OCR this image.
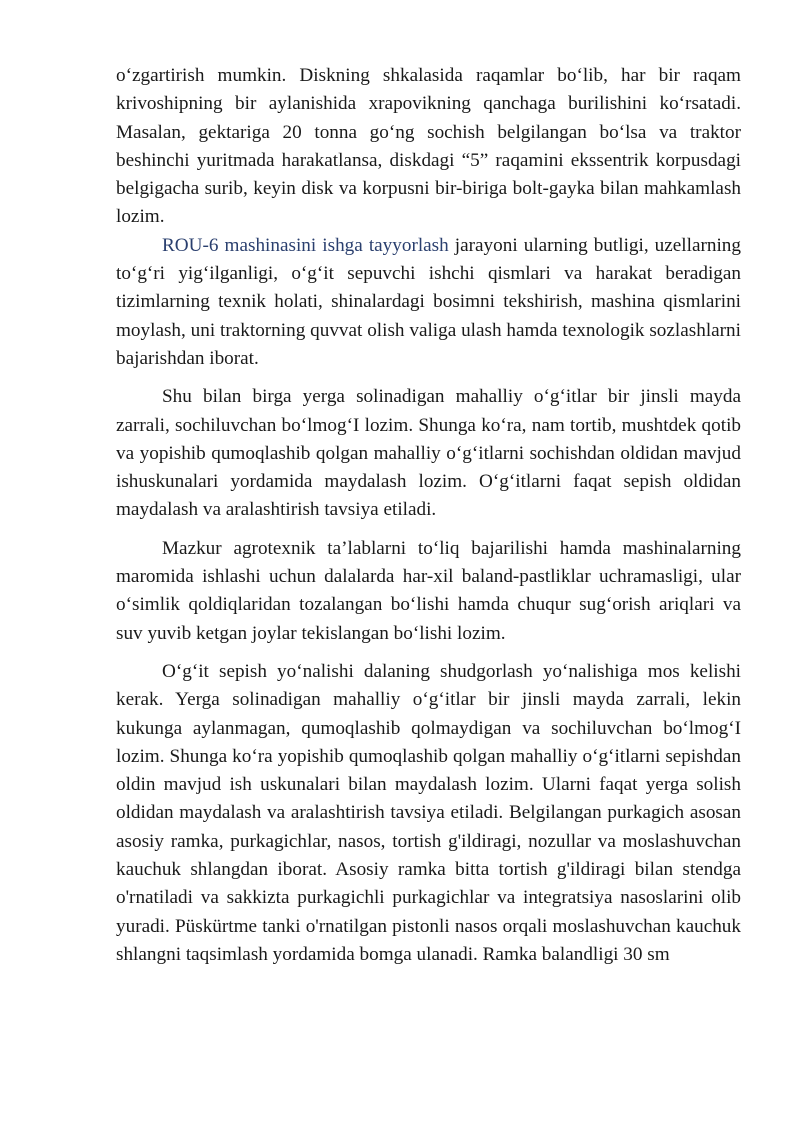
o‘zgartirish mumkin. Diskning shkalasida raqamlar bo‘lib, har bir raqam krivoshipning bir aylanishida xrapovikning qanchaga burilishini ko‘rsatadi. Masalan, gektariga 20 tonna go‘ng sochish belgilangan bo‘lsa va traktor beshinchi yuritmada harakatlansa, diskdagi “5” raqamini ekssentrik korpusdagi belgigacha surib, keyin disk va korpusni bir-biriga bolt-gayka bilan mahkamlash lozim.

ROU-6 mashinasini ishga tayyorlash jarayoni ularning butligi, uzellarning to‘g‘ri yig‘ilganligi, o‘g‘it sepuvchi ishchi qismlari va harakat beradigan tizimlarning texnik holati, shinalardagi bosimni tekshirish, mashina qismlarini moylash, uni traktorning quvvat olish valiga ulash hamda texnologik sozlashlarni bajarishdan iborat.

Shu bilan birga yerga solinadigan mahalliy o‘g‘itlar bir jinsli mayda zarrali, sochiluvchan bo‘lmog‘I lozim. Shunga ko‘ra, nam tortib, mushtdek qotib va yopishib qumoqlashib qolgan mahalliy o‘g‘itlarni sochishdan oldidan mavjud ishuskunalari yordamida maydalash lozim. O‘g‘itlarni faqat sepish oldidan maydalash va aralashtirish tavsiya etiladi.

Mazkur agrotexnik ta’lablarni to‘liq bajarilishi hamda mashinalarning maromida ishlashi uchun dalalarda har-xil baland-pastliklar uchramasligi, ular o‘simlik qoldiqlaridan tozalangan bo‘lishi hamda chuqur sug‘orish ariqlari va suv yuvib ketgan joylar tekislangan bo‘lishi lozim.

O‘g‘it sepish yo‘nalishi dalaning shudgorlash yo‘nalishiga mos kelishi kerak. Yerga solinadigan mahalliy o‘g‘itlar bir jinsli mayda zarrali, lekin kukunga aylanmagan, qumoqlashib qolmaydigan va sochiluvchan bo‘lmog‘I lozim. Shunga ko‘ra yopishib qumoqlashib qolgan mahalliy o‘g‘itlarni sepishdan oldin mavjud ish uskunalari bilan maydalash lozim. Ularni faqat yerga solish oldidan maydalash va aralashtirish tavsiya etiladi. Belgilangan purkagich asosan asosiy ramka, purkagichlar, nasos, tortish g'ildiragi, nozullar va moslashuvchan kauchuk shlangdan iborat. Asosiy ramka bitta tortish g'ildiragi bilan stendga o'rnatiladi va sakkizta purkagichli purkagichlar va integratsiya nasoslarini olib yuradi. Püskürtme tanki o'rnatilgan pistonli nasos orqali moslashuvchan kauchuk shlangni taqsimlash yordamida bomga ulanadi. Ramka balandligi 30 sm
